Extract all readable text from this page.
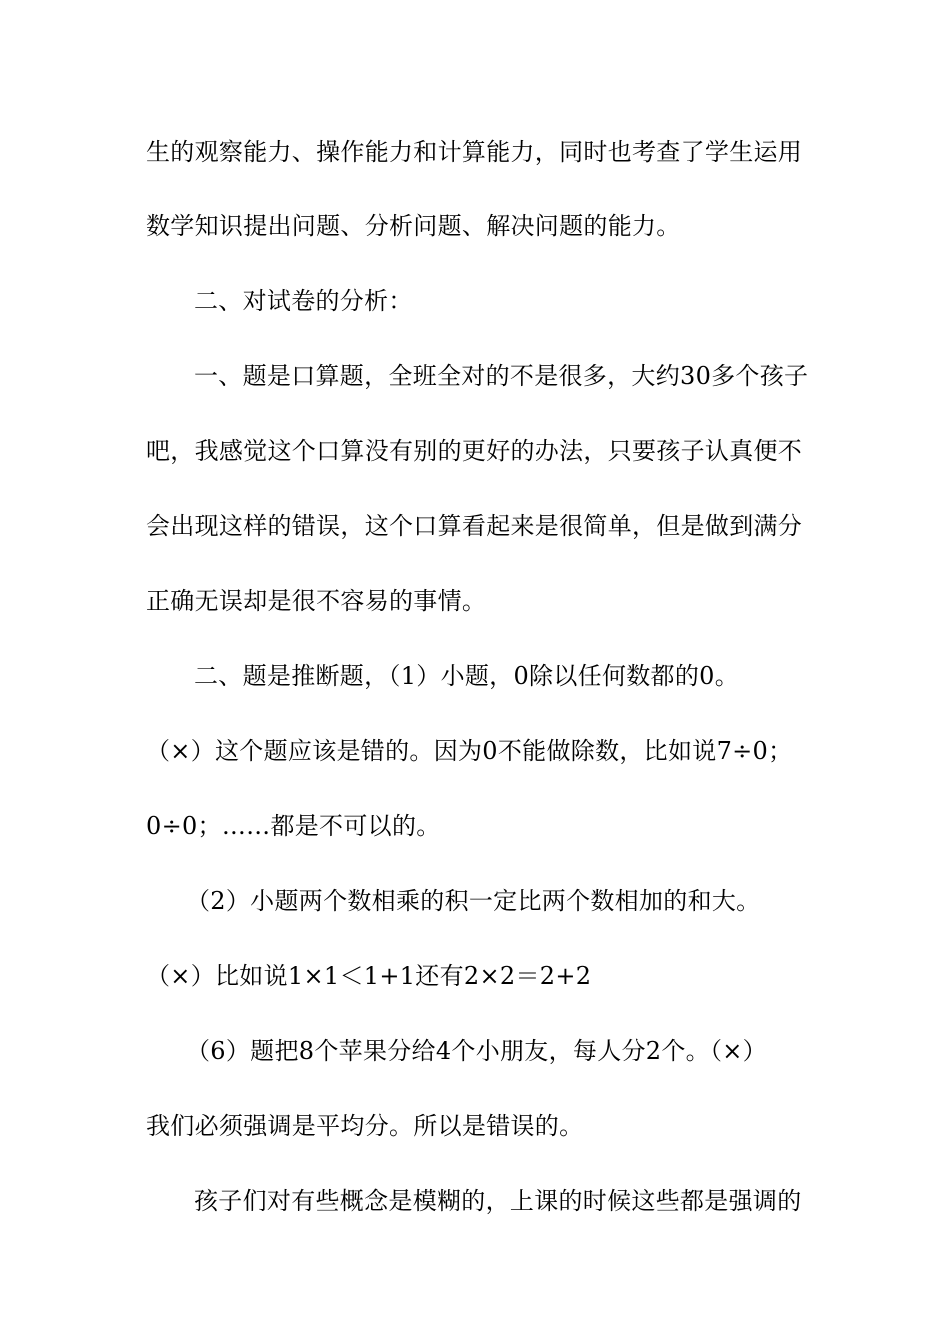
生的观察能力、操作能力和计算能力，同时也考查了学生运用
数学知识提出问题、分析问题、解决问题的能力。
二、对试卷的分析：
一、题是口算题，全班全对的不是很多，大约30多个孩子
吧，我感觉这个口算没有别的更好的办法，只要孩子认真便不
会出现这样的错误，这个口算看起来是很简单，但是做到满分
正确无误却是很不容易的事情。
二、题是推断题，（1）小题，0除以任何数都的0。
（×）这个题应该是错的。因为0不能做除数，比如说7÷0；
0÷0；……都是不可以的。
（2）小题两个数相乘的积一定比两个数相加的和大。
（×）比如说1×1＜1+1还有2×2＝2+2
（6）题把8个苹果分给4个小朋友，每人分2个。（×）
我们必须强调是平均分。所以是错误的。
孩子们对有些概念是模糊的，上课的时候这些都是强调的
